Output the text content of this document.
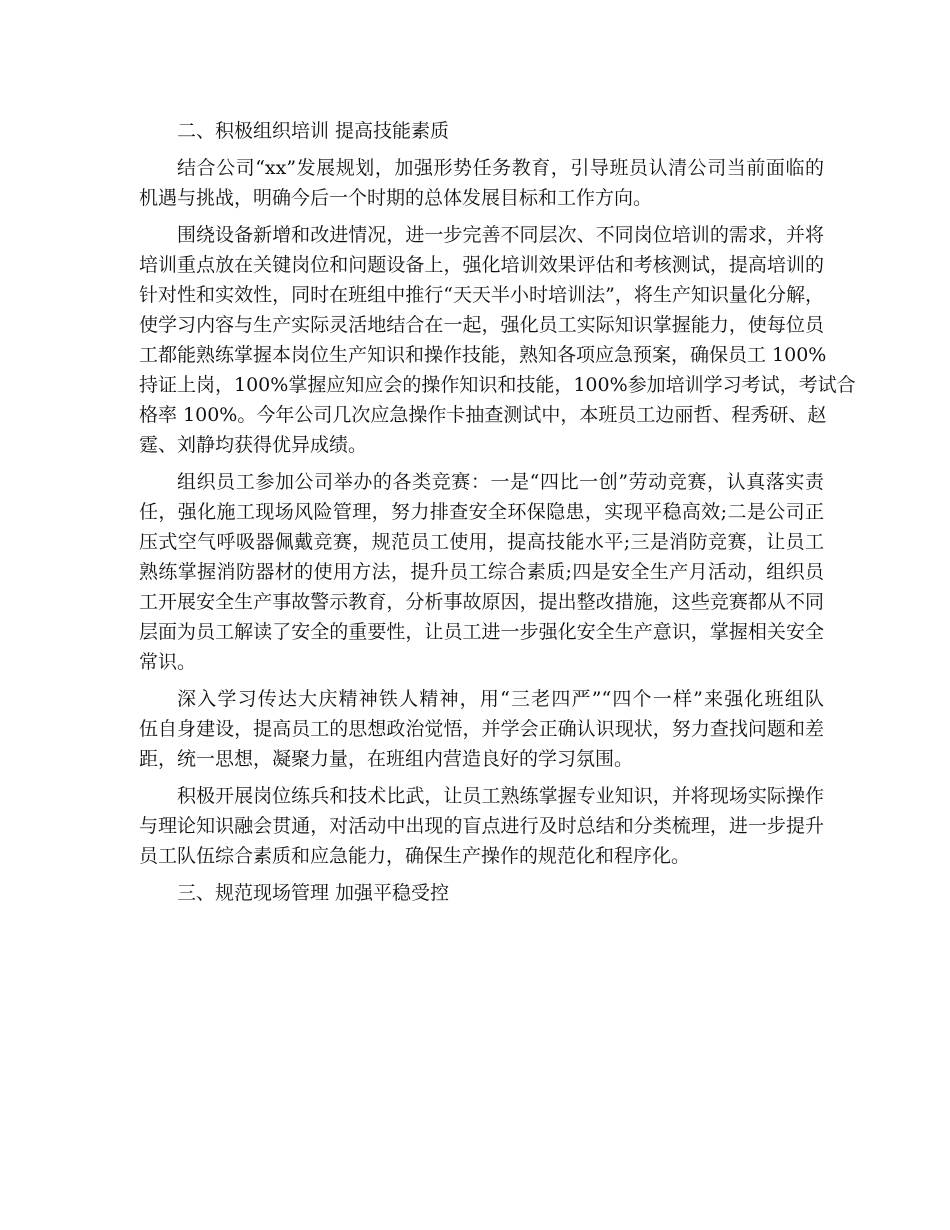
二、积极组织培训 提高技能素质
结合公司“xx”发展规划，加强形势任务教育，引导班员认清公司当前面临的
机遇与挑战，明确今后一个时期的总体发展目标和工作方向。
围绕设备新增和改进情况，进一步完善不同层次、不同岗位培训的需求，并将
培训重点放在关键岗位和问题设备上，强化培训效果评估和考核测试，提高培训的
针对性和实效性，同时在班组中推行“天天半小时培训法”，将生产知识量化分解，
使学习内容与生产实际灵活地结合在一起，强化员工实际知识掌握能力，使每位员
工都能熟练掌握本岗位生产知识和操作技能，熟知各项应急预案，确保员工 100%
持证上岗，100%掌握应知应会的操作知识和技能，100%参加培训学习考试，考试合
格率 100%。今年公司几次应急操作卡抽查测试中，本班员工边丽哲、程秀研、赵
霆、刘静均获得优异成绩。
组织员工参加公司举办的各类竞赛：一是“四比一创”劳动竞赛，认真落实责
任，强化施工现场风险管理，努力排查安全环保隐患，实现平稳高效;二是公司正
压式空气呼吸器佩戴竞赛，规范员工使用，提高技能水平;三是消防竞赛，让员工
熟练掌握消防器材的使用方法，提升员工综合素质;四是安全生产月活动，组织员
工开展安全生产事故警示教育，分析事故原因，提出整改措施，这些竞赛都从不同
层面为员工解读了安全的重要性，让员工进一步强化安全生产意识，掌握相关安全
常识。
深入学习传达大庆精神铁人精神，用“三老四严”“四个一样”来强化班组队
伍自身建设，提高员工的思想政治觉悟，并学会正确认识现状，努力查找问题和差
距，统一思想，凝聚力量，在班组内营造良好的学习氛围。
积极开展岗位练兵和技术比武，让员工熟练掌握专业知识，并将现场实际操作
与理论知识融会贯通，对活动中出现的盲点进行及时总结和分类梳理，进一步提升
员工队伍综合素质和应急能力，确保生产操作的规范化和程序化。
三、规范现场管理 加强平稳受控
